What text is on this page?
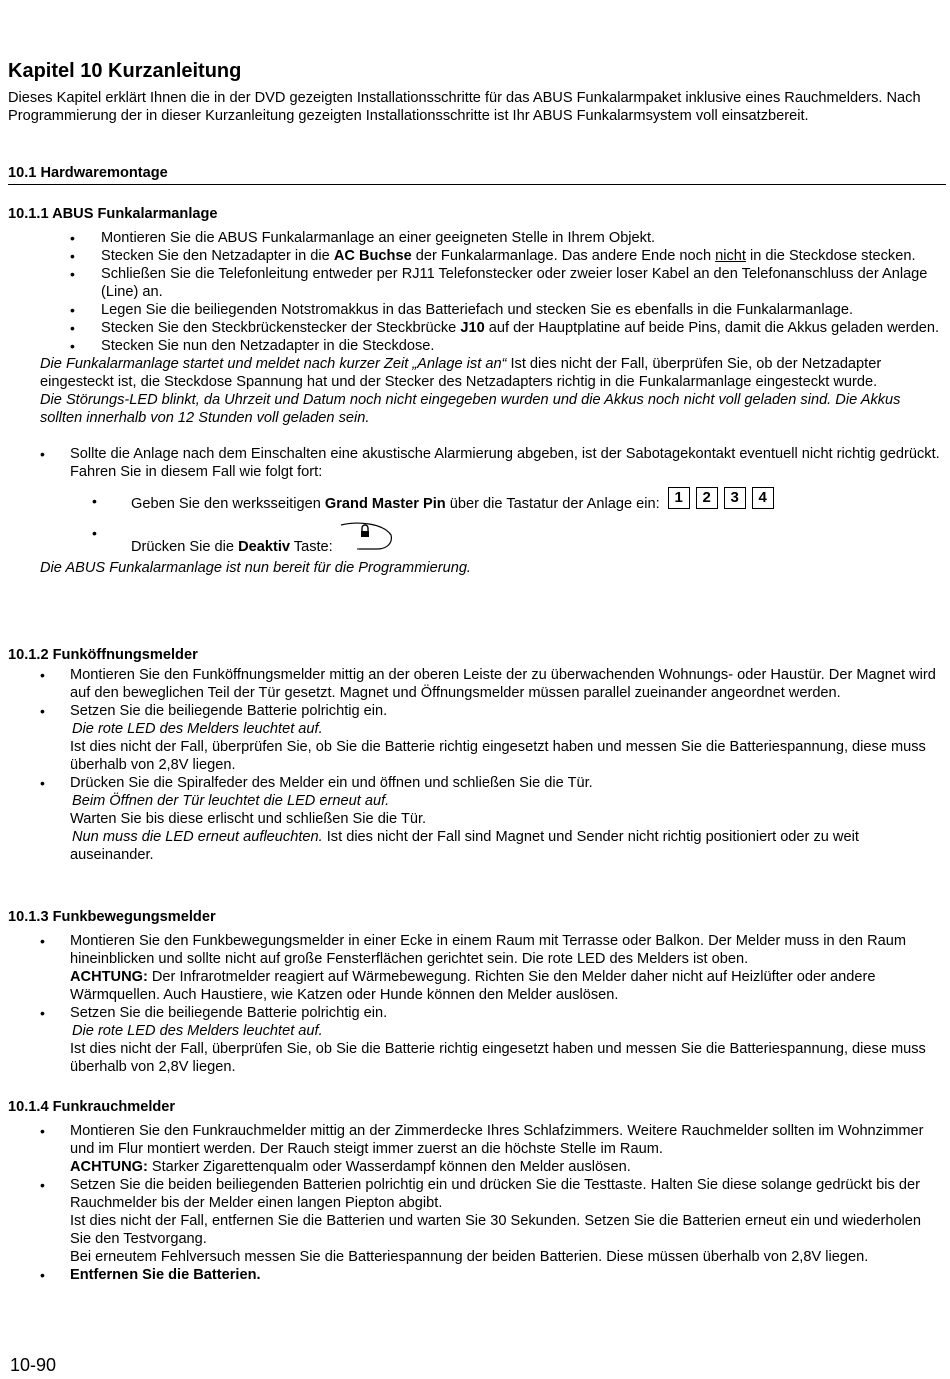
Kapitel 10 Kurzanleitung

Dieses Kapitel erklärt Ihnen die in der DVD gezeigten Installationsschritte für das ABUS Funkalarmpaket inklusive eines Rauchmelders. Nach Programmierung der in dieser Kurzanleitung gezeigten Installationsschritte ist Ihr ABUS Funkalarmsystem voll einsatzbereit.

10.1 Hardwaremontage

10.1.1 ABUS Funkalarmanlage

• Montieren Sie die ABUS Funkalarmanlage an einer geeigneten Stelle in Ihrem Objekt.
• Stecken Sie den Netzadapter in die AC Buchse der Funkalarmanlage. Das andere Ende noch nicht in die Steckdose stecken.
• Schließen Sie die Telefonleitung entweder per RJ11 Telefonstecker oder zweier loser Kabel an den Telefonanschluss der Anlage (Line) an.
• Legen Sie die beiliegenden Notstromakkus in das Batteriefach und stecken Sie es ebenfalls in die Funkalarmanlage.
• Stecken Sie den Steckbrückenstecker der Steckbrücke J10 auf der Hauptplatine auf beide Pins, damit die Akkus geladen werden.
• Stecken Sie nun den Netzadapter in die Steckdose.

Die Funkalarmanlage startet und meldet nach kurzer Zeit „Anlage ist an“ Ist dies nicht der Fall, überprüfen Sie, ob der Netzadapter eingesteckt ist, die Steckdose Spannung hat und der Stecker des Netzadapters richtig in die Funkalarmanlage eingesteckt wurde.

Die Störungs-LED blinkt, da Uhrzeit und Datum noch nicht eingegeben wurden und die Akkus noch nicht voll geladen sind. Die Akkus sollten innerhalb von 12 Stunden voll geladen sein.

• Sollte die Anlage nach dem Einschalten eine akustische Alarmierung abgeben, ist der Sabotagekontakt eventuell nicht richtig gedrückt. Fahren Sie in diesem Fall wie folgt fort:
• Geben Sie den werksseitigen Grand Master Pin über die Tastatur der Anlage ein: 1 2 3 4
• Drücken Sie die Deaktiv Taste:

Die ABUS Funkalarmanlage ist nun bereit für die Programmierung.

10.1.2 Funköffnungsmelder

• Montieren Sie den Funköffnungsmelder mittig an der oberen Leiste der zu überwachenden Wohnungs- oder Haustür. Der Magnet wird auf den beweglichen Teil der Tür gesetzt. Magnet und Öffnungsmelder müssen parallel zueinander angeordnet werden.
• Setzen Sie die beiliegende Batterie polrichtig ein.
Die rote LED des Melders leuchtet auf.
Ist dies nicht der Fall, überprüfen Sie, ob Sie die Batterie richtig eingesetzt haben und messen Sie die Batteriespannung, diese muss überhalb von 2,8V liegen.
• Drücken Sie die Spiralfeder des Melder ein und öffnen und schließen Sie die Tür.
Beim Öffnen der Tür leuchtet die LED erneut auf.
Warten Sie bis diese erlischt und schließen Sie die Tür.
Nun muss die LED erneut aufleuchten. Ist dies nicht der Fall sind Magnet und Sender nicht richtig positioniert oder zu weit auseinander.

10.1.3 Funkbewegungsmelder

• Montieren Sie den Funkbewegungsmelder in einer Ecke in einem Raum mit Terrasse oder Balkon. Der Melder muss in den Raum hineinblicken und sollte nicht auf große Fensterflächen gerichtet sein. Die rote LED des Melders ist oben.
ACHTUNG: Der Infrarotmelder reagiert auf Wärmebewegung. Richten Sie den Melder daher nicht auf Heizlüfter oder andere Wärmquellen. Auch Haustiere, wie Katzen oder Hunde können den Melder auslösen.
• Setzen Sie die beiliegende Batterie polrichtig ein.
Die rote LED des Melders leuchtet auf.
Ist dies nicht der Fall, überprüfen Sie, ob Sie die Batterie richtig eingesetzt haben und messen Sie die Batteriespannung, diese muss überhalb von 2,8V liegen.

10.1.4 Funkrauchmelder

• Montieren Sie den Funkrauchmelder mittig an der Zimmerdecke Ihres Schlafzimmers. Weitere Rauchmelder sollten im Wohnzimmer und im Flur montiert werden. Der Rauch steigt immer zuerst an die höchste Stelle im Raum.
ACHTUNG: Starker Zigarettenqualm oder Wasserdampf können den Melder auslösen.
• Setzen Sie die beiden beiliegenden Batterien polrichtig ein und drücken Sie die Testtaste. Halten Sie diese solange gedrückt bis der Rauchmelder bis der Melder einen langen Piepton abgibt.
Ist dies nicht der Fall, entfernen Sie die Batterien und warten Sie 30 Sekunden. Setzen Sie die Batterien erneut ein und wiederholen Sie den Testvorgang.
Bei erneutem Fehlversuch messen Sie die Batteriespannung der beiden Batterien. Diese müssen überhalb von 2,8V liegen.
• Entfernen Sie die Batterien.
10-90
